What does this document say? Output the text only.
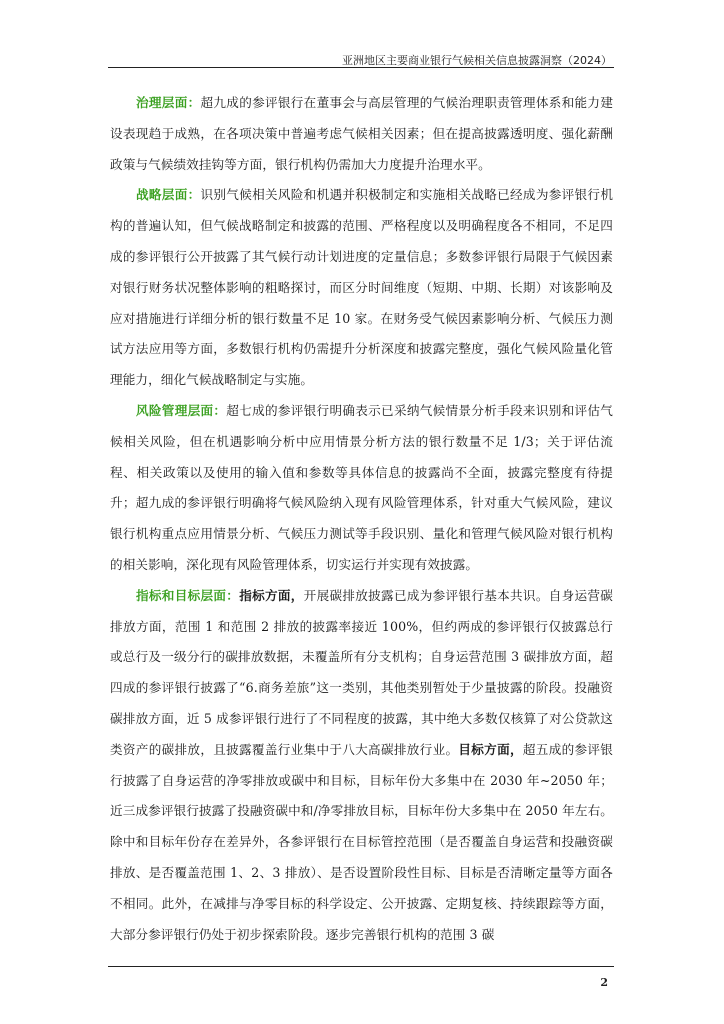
亚洲地区主要商业银行气候相关信息披露洞察（2024）

治理层面：超九成的参评银行在董事会与高层管理的气候治理职责管理体系和能力建设表现趋于成熟，在各项决策中普遍考虑气候相关因素；但在提高披露透明度、强化薪酬政策与气候绩效挂钩等方面，银行机构仍需加大力度提升治理水平。

战略层面：识别气候相关风险和机遇并积极制定和实施相关战略已经成为参评银行机构的普遍认知，但气候战略制定和披露的范围、严格程度以及明确程度各不相同，不足四成的参评银行公开披露了其气候行动计划进度的定量信息；多数参评银行局限于气候因素对银行财务状况整体影响的粗略探讨，而区分时间维度（短期、中期、长期）对该影响及应对措施进行详细分析的银行数量不足 10 家。在财务受气候因素影响分析、气候压力测试方法应用等方面，多数银行机构仍需提升分析深度和披露完整度，强化气候风险量化管理能力，细化气候战略制定与实施。

风险管理层面：超七成的参评银行明确表示已采纳气候情景分析手段来识别和评估气候相关风险，但在机遇影响分析中应用情景分析方法的银行数量不足 1/3；关于评估流程、相关政策以及使用的输入值和参数等具体信息的披露尚不全面，披露完整度有待提升；超九成的参评银行明确将气候风险纳入现有风险管理体系，针对重大气候风险，建议银行机构重点应用情景分析、气候压力测试等手段识别、量化和管理气候风险对银行机构的相关影响，深化现有风险管理体系，切实运行并实现有效披露。

指标和目标层面：指标方面，开展碳排放披露已成为参评银行基本共识。自身运营碳排放方面，范围 1 和范围 2 排放的披露率接近 100%，但约两成的参评银行仅披露总行或总行及一级分行的碳排放数据，未覆盖所有分支机构；自身运营范围 3 碳排放方面，超四成的参评银行披露了“6.商务差旅”这一类别，其他类别暂处于少量披露的阶段。投融资碳排放方面，近 5 成参评银行进行了不同程度的披露，其中绝大多数仅核算了对公贷款这类资产的碳排放，且披露覆盖行业集中于八大高碳排放行业。目标方面，超五成的参评银行披露了自身运营的净零排放或碳中和目标，目标年份大多集中在 2030 年~2050 年；近三成参评银行披露了投融资碳中和/净零排放目标，目标年份大多集中在 2050 年左右。除中和目标年份存在差异外，各参评银行在目标管控范围（是否覆盖自身运营和投融资碳排放、是否覆盖范围 1、2、3 排放）、是否设置阶段性目标、目标是否清晰定量等方面各不相同。此外，在减排与净零目标的科学设定、公开披露、定期复核、持续跟踪等方面，大部分参评银行仍处于初步探索阶段。逐步完善银行机构的范围 3 碳

2
